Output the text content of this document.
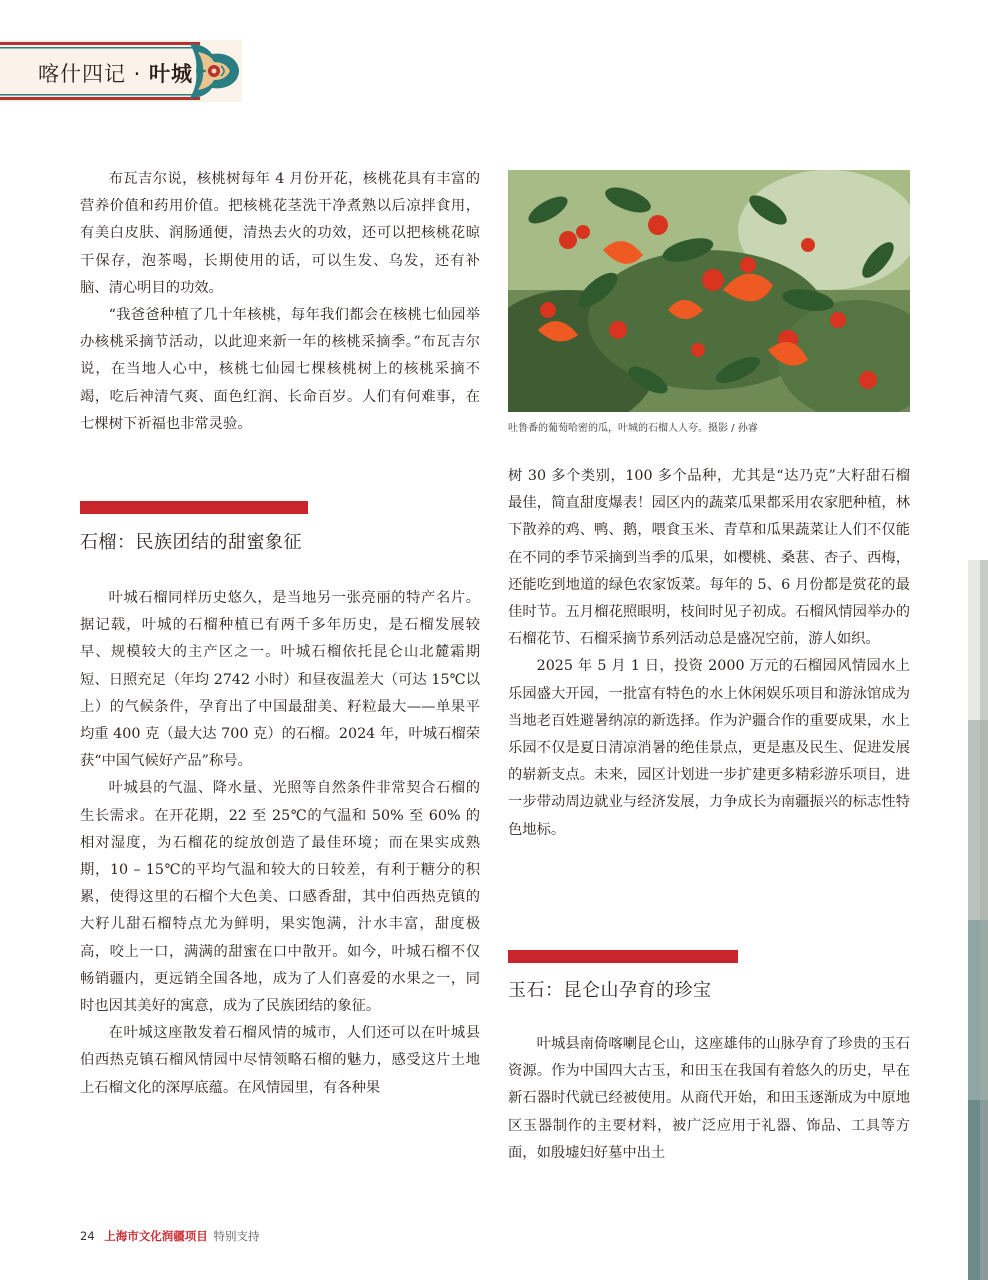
喀什四记 · 叶城

布瓦吉尔说，核桃树每年 4 月份开花，核桃花具有丰富的营养价值和药用价值。把核桃花茎洗干净煮熟以后凉拌食用，有美白皮肤、润肠通便，清热去火的功效，还可以把核桃花晾干保存，泡茶喝，长期使用的话，可以生发、乌发，还有补脑、清心明目的功效。

“我爸爸种植了几十年核桃，每年我们都会在核桃七仙园举办核桃采摘节活动，以此迎来新一年的核桃采摘季。”布瓦吉尔说，在当地人心中，核桃七仙园七棵核桃树上的核桃采摘不竭，吃后神清气爽、面色红润、长命百岁。人们有何难事，在七棵树下祈福也非常灵验。

石榴：民族团结的甜蜜象征

叶城石榴同样历史悠久，是当地另一张亮丽的特产名片。据记载，叶城的石榴种植已有两千多年历史，是石榴发展较早、规模较大的主产区之一。叶城石榴依托昆仑山北麓霜期短、日照充足（年均 2742 小时）和昼夜温差大（可达 15℃以上）的气候条件，孕育出了中国最甜美、籽粒最大——单果平均重 400 克（最大达 700 克）的石榴。2024 年，叶城石榴荣获“中国气候好产品”称号。

叶城县的气温、降水量、光照等自然条件非常契合石榴的生长需求。在开花期，22 至 25℃的气温和 50% 至 60% 的相对湿度，为石榴花的绽放创造了最佳环境；而在果实成熟期，10 – 15℃的平均气温和较大的日较差，有利于糖分的积累，使得这里的石榴个大色美、口感香甜，其中伯西热克镇的大籽儿甜石榴特点尤为鲜明，果实饱满，汁水丰富，甜度极高，咬上一口，满满的甜蜜在口中散开。如今，叶城石榴不仅畅销疆内，更远销全国各地，成为了人们喜爱的水果之一，同时也因其美好的寓意，成为了民族团结的象征。

在叶城这座散发着石榴风情的城市，人们还可以在叶城县伯西热克镇石榴风情园中尽情领略石榴的魅力，感受这片土地上石榴文化的深厚底蕴。在风情园里，有各种果

吐鲁番的葡萄哈密的瓜，叶城的石榴人人夸。摄影 / 孙睿

树 30 多个类别，100 多个品种，尤其是“达乃克”大籽甜石榴最佳，简直甜度爆表！园区内的蔬菜瓜果都采用农家肥种植，林下散养的鸡、鸭、鹅，喂食玉米、青草和瓜果蔬菜让人们不仅能在不同的季节采摘到当季的瓜果，如樱桃、桑葚、杏子、西梅，还能吃到地道的绿色农家饭菜。每年的 5、6 月份都是赏花的最佳时节。五月榴花照眼明，枝间时见子初成。石榴风情园举办的石榴花节、石榴采摘节系列活动总是盛况空前，游人如织。

2025 年 5 月 1 日，投资 2000 万元的石榴园风情园水上乐园盛大开园，一批富有特色的水上休闲娱乐项目和游泳馆成为当地老百姓避暑纳凉的新选择。作为沪疆合作的重要成果，水上乐园不仅是夏日清凉消暑的绝佳景点，更是惠及民生、促进发展的崭新支点。未来，园区计划进一步扩建更多精彩游乐项目，进一步带动周边就业与经济发展，力争成长为南疆振兴的标志性特色地标。

玉石：昆仑山孕育的珍宝

叶城县南倚喀喇昆仑山，这座雄伟的山脉孕育了珍贵的玉石资源。作为中国四大古玉，和田玉在我国有着悠久的历史，早在新石器时代就已经被使用。从商代开始，和田玉逐渐成为中原地区玉器制作的主要材料，被广泛应用于礼器、饰品、工具等方面，如殷墟妇好墓中出土

24 上海市文化润疆项目 特别支持
